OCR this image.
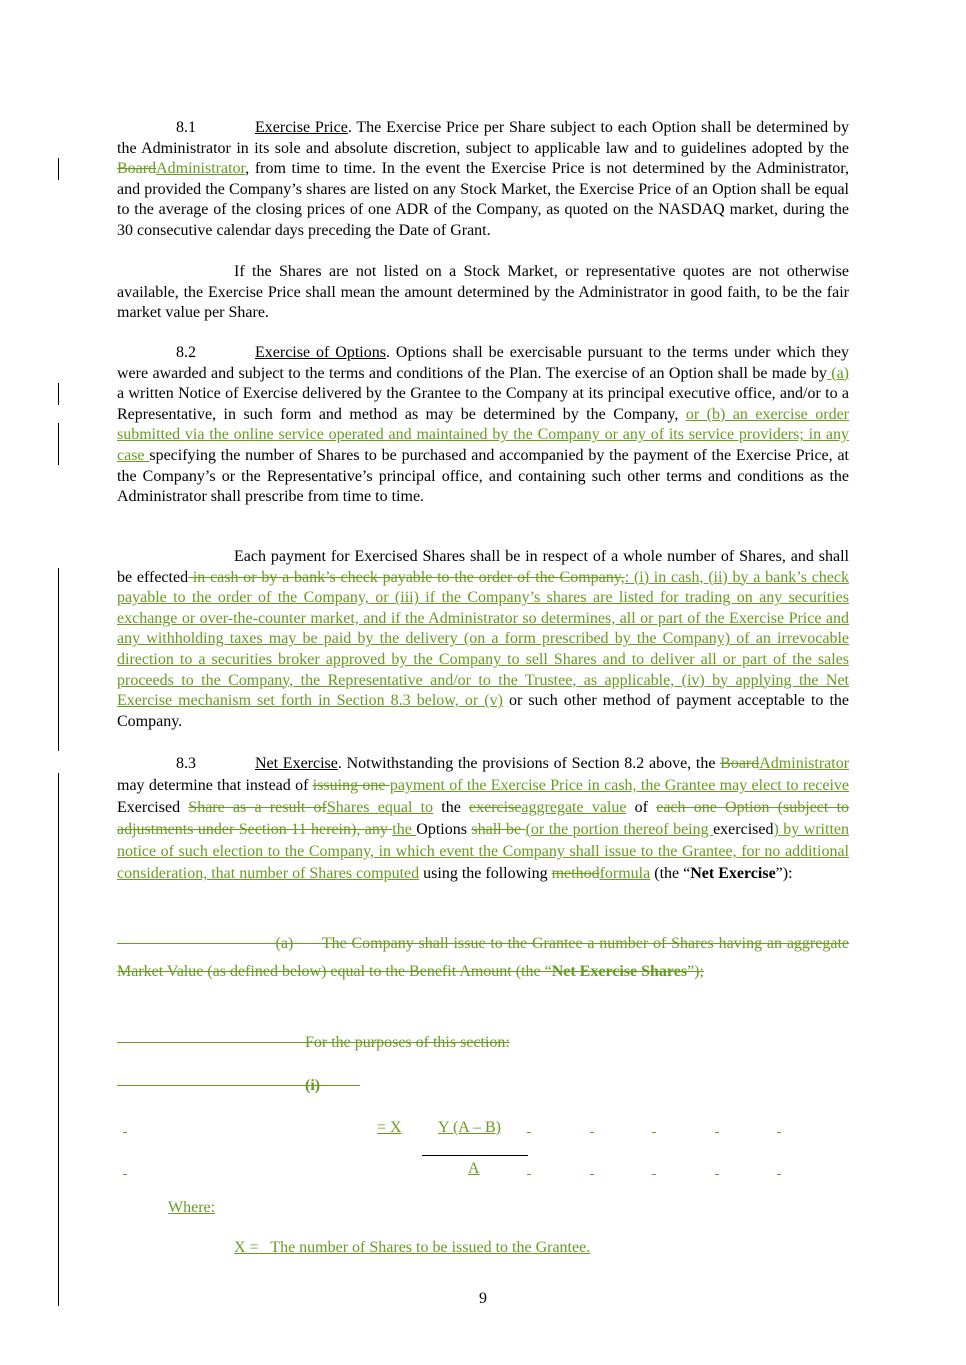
8.1	Exercise Price. The Exercise Price per Share subject to each Option shall be determined by the Administrator in its sole and absolute discretion, subject to applicable law and to guidelines adopted by the BoardAdministrator, from time to time. In the event the Exercise Price is not determined by the Administrator, and provided the Company’s shares are listed on any Stock Market, the Exercise Price of an Option shall be equal to the average of the closing prices of one ADR of the Company, as quoted on the NASDAQ market, during the 30 consecutive calendar days preceding the Date of Grant.

If the Shares are not listed on a Stock Market, or representative quotes are not otherwise available, the Exercise Price shall mean the amount determined by the Administrator in good faith, to be the fair market value per Share.

8.2	Exercise of Options. Options shall be exercisable pursuant to the terms under which they were awarded and subject to the terms and conditions of the Plan. The exercise of an Option shall be made by (a) a written Notice of Exercise delivered by the Grantee to the Company at its principal executive office, and/or to a Representative, in such form and method as may be determined by the Company, or (b) an exercise order submitted via the online service operated and maintained by the Company or any of its service providers; in any case specifying the number of Shares to be purchased and accompanied by the payment of the Exercise Price, at the Company’s or the Representative’s principal office, and containing such other terms and conditions as the Administrator shall prescribe from time to time.

Each payment for Exercised Shares shall be in respect of a whole number of Shares, and shall be effected in cash or by a bank’s check payable to the order of the Company,: (i) in cash, (ii) by a bank’s check payable to the order of the Company, or (iii) if the Company’s shares are listed for trading on any securities exchange or over-the-counter market, and if the Administrator so determines, all or part of the Exercise Price and any withholding taxes may be paid by the delivery (on a form prescribed by the Company) of an irrevocable direction to a securities broker approved by the Company to sell Shares and to deliver all or part of the sales proceeds to the Company, the Representative and/or to the Trustee, as applicable, (iv) by applying the Net Exercise mechanism set forth in Section 8.3 below, or (v) or such other method of payment acceptable to the Company.

8.3	Net Exercise. Notwithstanding the provisions of Section 8.2 above, the BoardAdministrator may determine that instead of issuing one payment of the Exercise Price in cash, the Grantee may elect to receive Exercised Share as a result ofShares equal to the exerciseaggregate value of each one Option (subject to adjustments under Section 11 herein), any the Options shall be (or the portion thereof being exercised) by written notice of such election to the Company, in which event the Company shall issue to the Grantee, for no additional consideration, that number of Shares computed using the following methodformula (the “Net Exercise”):

(a) The Company shall issue to the Grantee a number of Shares having an aggregate Market Value (as defined below) equal to the Benefit Amount (the “Net Exercise Shares”);

For the purposes of this section:
(i)

= X Y (A – B)
A
Where:
X =   The number of Shares to be issued to the Grantee.
9
